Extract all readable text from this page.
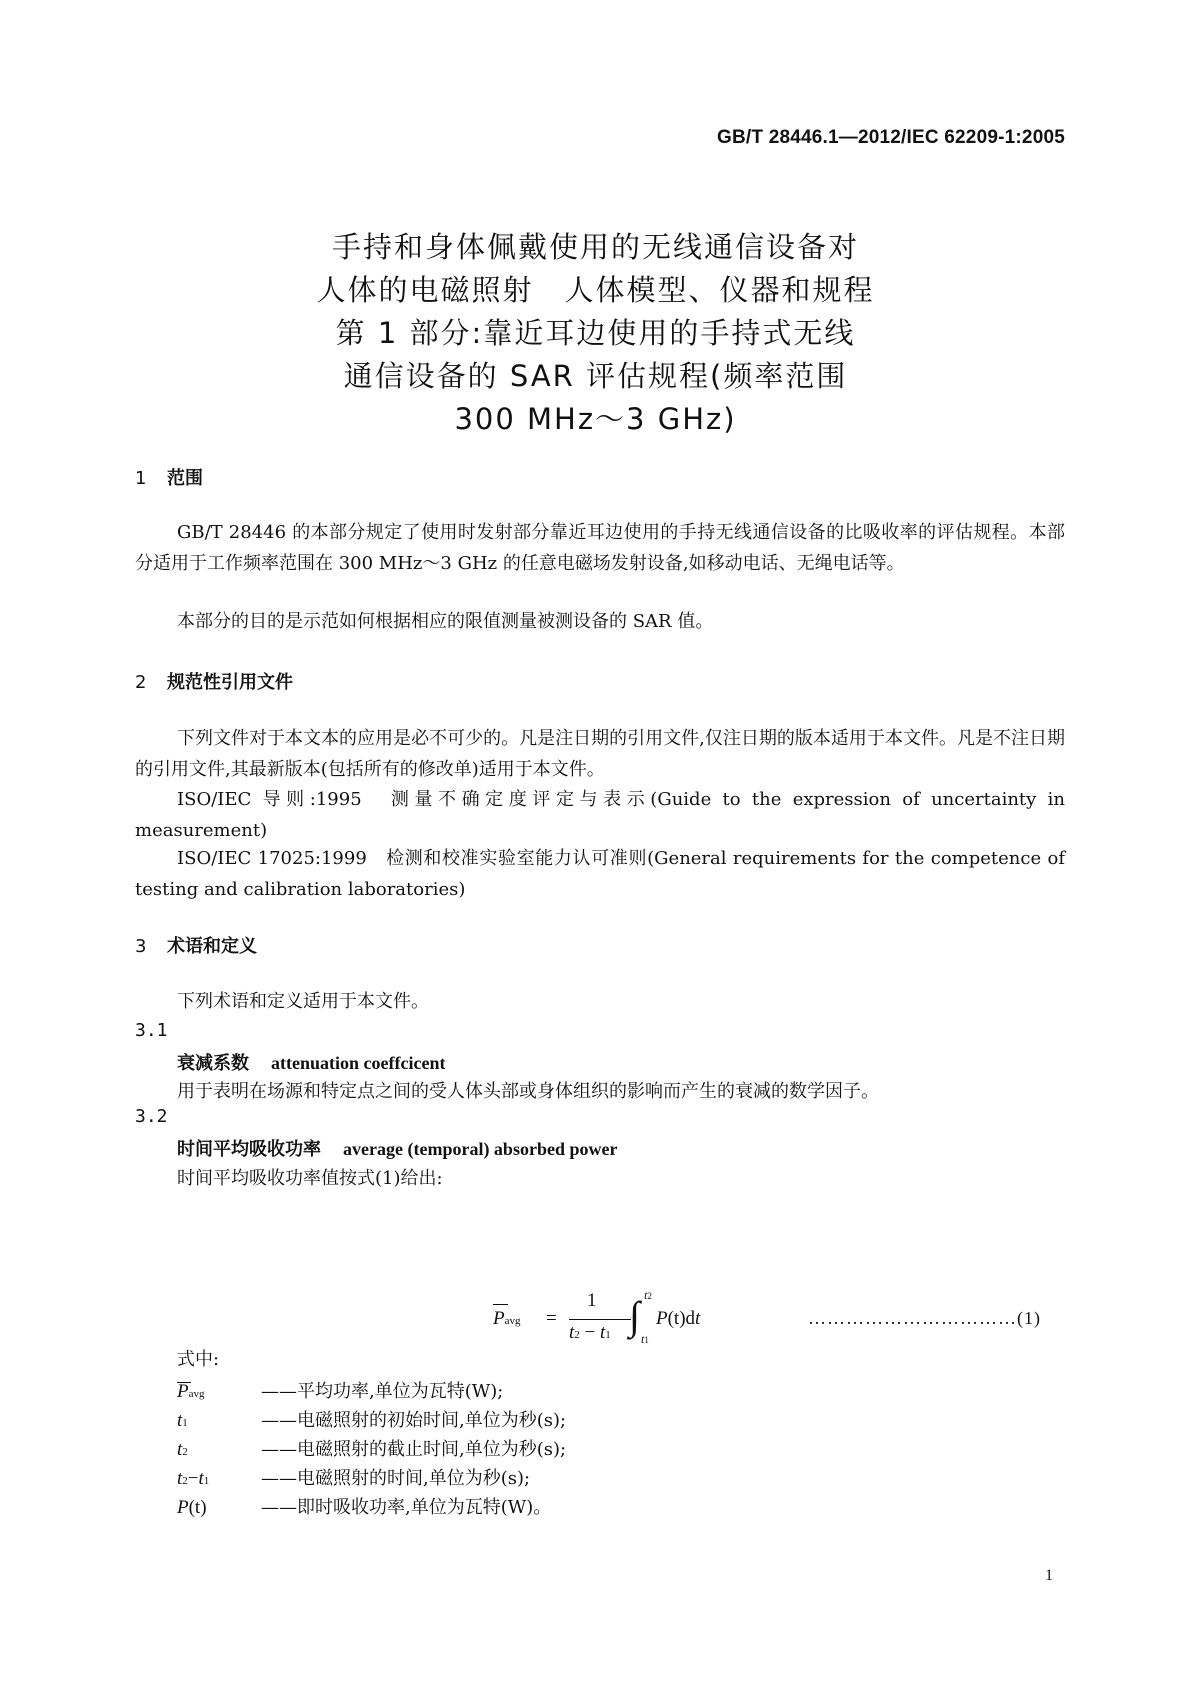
GB/T 28446.1—2012/IEC 62209-1:2005
手持和身体佩戴使用的无线通信设备对
人体的电磁照射　人体模型、仪器和规程
第 1 部分:靠近耳边使用的手持式无线
通信设备的 SAR 评估规程(频率范围
300 MHz～3 GHz)
1 范围
GB/T 28446 的本部分规定了使用时发射部分靠近耳边使用的手持无线通信设备的比吸收率的评估规程。本部分适用于工作频率范围在 300 MHz～3 GHz 的任意电磁场发射设备,如移动电话、无绳电话等。
本部分的目的是示范如何根据相应的限值测量被测设备的 SAR 值。
2 规范性引用文件
下列文件对于本文本的应用是必不可少的。凡是注日期的引用文件,仅注日期的版本适用于本文件。凡是不注日期的引用文件,其最新版本(包括所有的修改单)适用于本文件。
ISO/IEC 导则:1995　测量不确定度评定与表示(Guide to the expression of uncertainty in measurement)
ISO/IEC 17025:1999　检测和校准实验室能力认可准则(General requirements for the competence of testing and calibration laboratories)
3 术语和定义
下列术语和定义适用于本文件。
3.1
衰减系数 attenuation coeffcicent
用于表明在场源和特定点之间的受人体头部或身体组织的影响而产生的衰减的数学因子。
3.2
时间平均吸收功率 average (temporal) absorbed power
时间平均吸收功率值按式(1)给出:
Pavg =
1
t2 − t1 ∫ t2
t1
P(t)dt	……………………………(1)
式中:
Pavg	——平均功率,单位为瓦特(W);
t1	——电磁照射的初始时间,单位为秒(s);
t2	——电磁照射的截止时间,单位为秒(s);
t2−t1	——电磁照射的时间,单位为秒(s);
P(t)	——即时吸收功率,单位为瓦特(W)。
1
